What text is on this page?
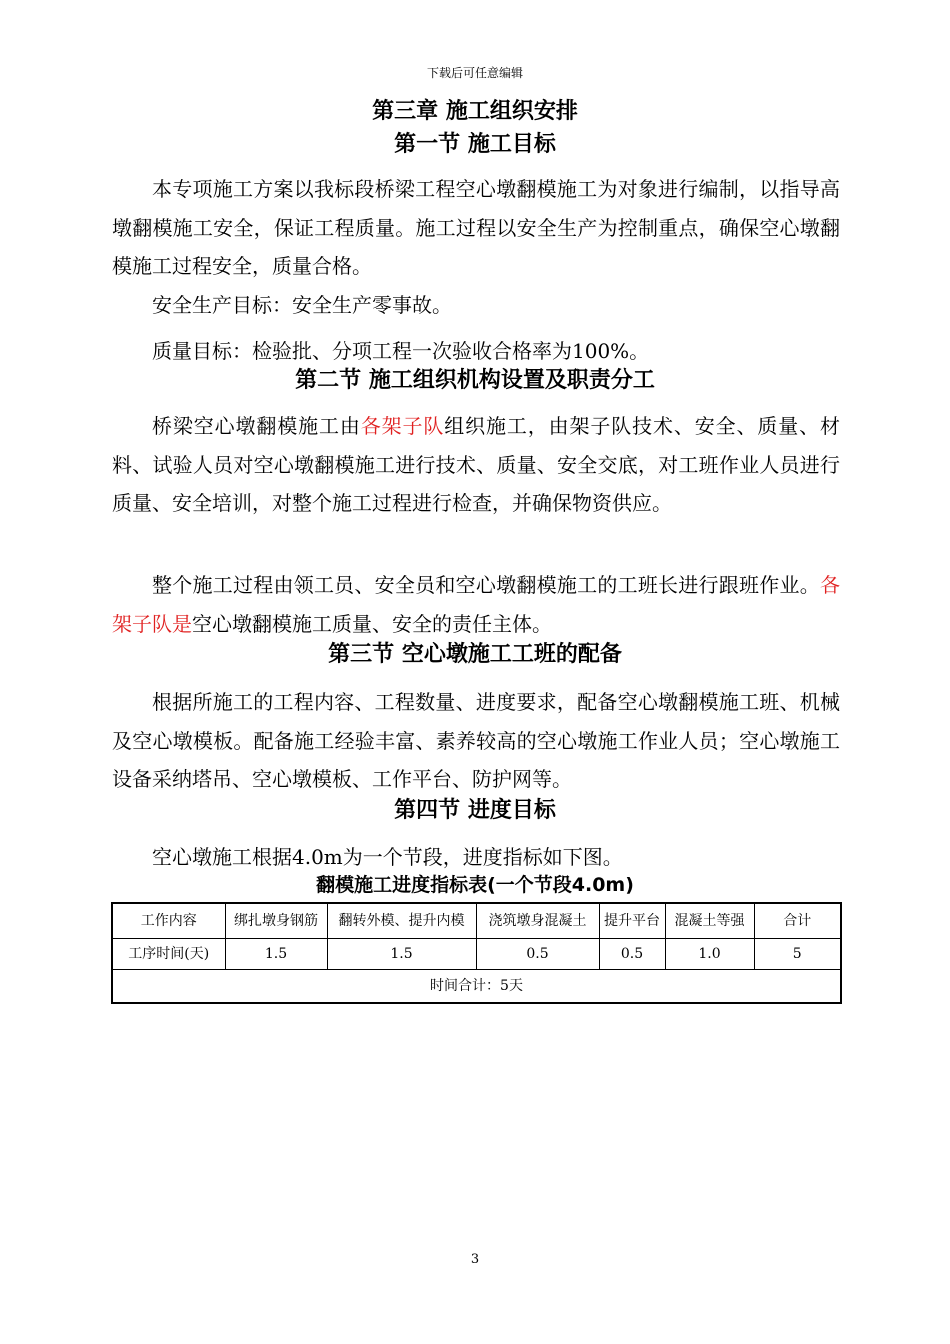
下载后可任意编辑
第三章 施工组织安排
第一节 施工目标

本专项施工方案以我标段桥梁工程空心墩翻模施工为对象进行编制，以指导高墩翻模施工安全，保证工程质量。施工过程以安全生产为控制重点，确保空心墩翻模施工过程安全，质量合格。

安全生产目标：安全生产零事故。

质量目标：检验批、分项工程一次验收合格率为100%。

第二节 施工组织机构设置及职责分工

桥梁空心墩翻模施工由各架子队组织施工，由架子队技术、安全、质量、材料、试验人员对空心墩翻模施工进行技术、质量、安全交底，对工班作业人员进行质量、安全培训，对整个施工过程进行检查，并确保物资供应。

整个施工过程由领工员、安全员和空心墩翻模施工的工班长进行跟班作业。各架子队是空心墩翻模施工质量、安全的责任主体。

第三节 空心墩施工工班的配备

根据所施工的工程内容、工程数量、进度要求，配备空心墩翻模施工班、机械及空心墩模板。配备施工经验丰富、素养较高的空心墩施工作业人员；空心墩施工设备采纳塔吊、空心墩模板、工作平台、防护网等。

第四节 进度目标

空心墩施工根据4.0m为一个节段，进度指标如下图。

翻模施工进度指标表(一个节段4.0m)
工作内容	绑扎墩身钢筋	翻转外模、提升内模	浇筑墩身混凝土	提升平台	混凝土等强	合计
工序时间(天)	1.5	1.5	0.5	0.5	1.0	5
时间合计：5天						
3
